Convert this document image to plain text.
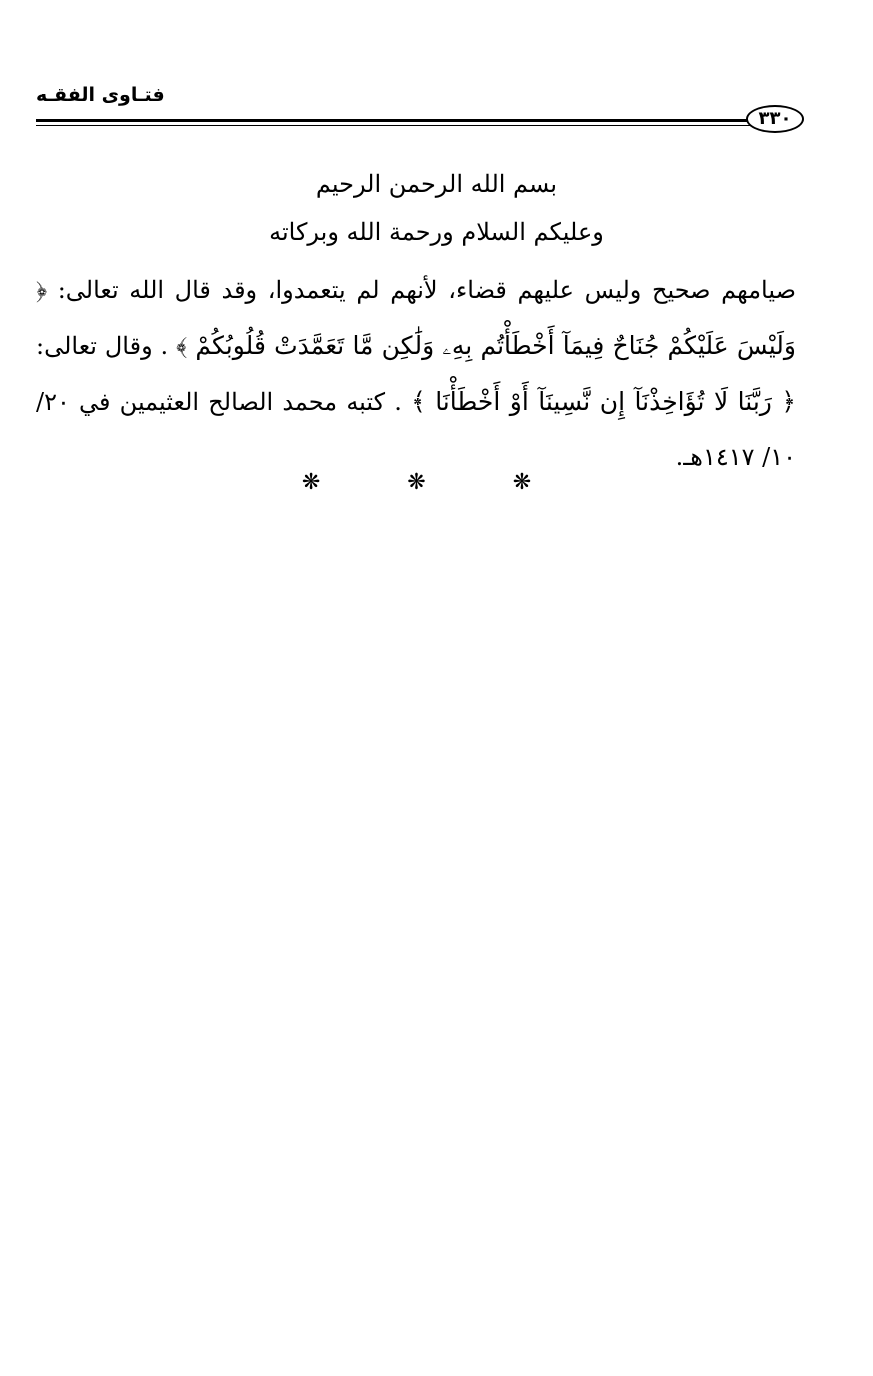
فتـاوى الفقـه
٣٣٠
بسم الله الرحمن الرحيم
وعليكم السلام ورحمة الله وبركاته
صيامهم صحيح وليس عليهم قضاء، لأنهم لم يتعمدوا، وقد قال الله تعالى: ﴿ وَلَيْسَ عَلَيْكُمْ جُنَاحٌ فِيمَآ أَخْطَأْتُم بِهِۦ وَلَٰكِن مَّا تَعَمَّدَتْ قُلُوبُكُمْ ﴾ . وقال تعالى: ﴿ رَبَّنَا لَا تُؤَاخِذْنَآ إِن نَّسِينَآ أَوْ أَخْطَأْنَا ﴾ . كتبه محمد الصالح العثيمين في ٢٠/ ١٠/ ١٤١٧هـ.
❋ ❋ ❋
